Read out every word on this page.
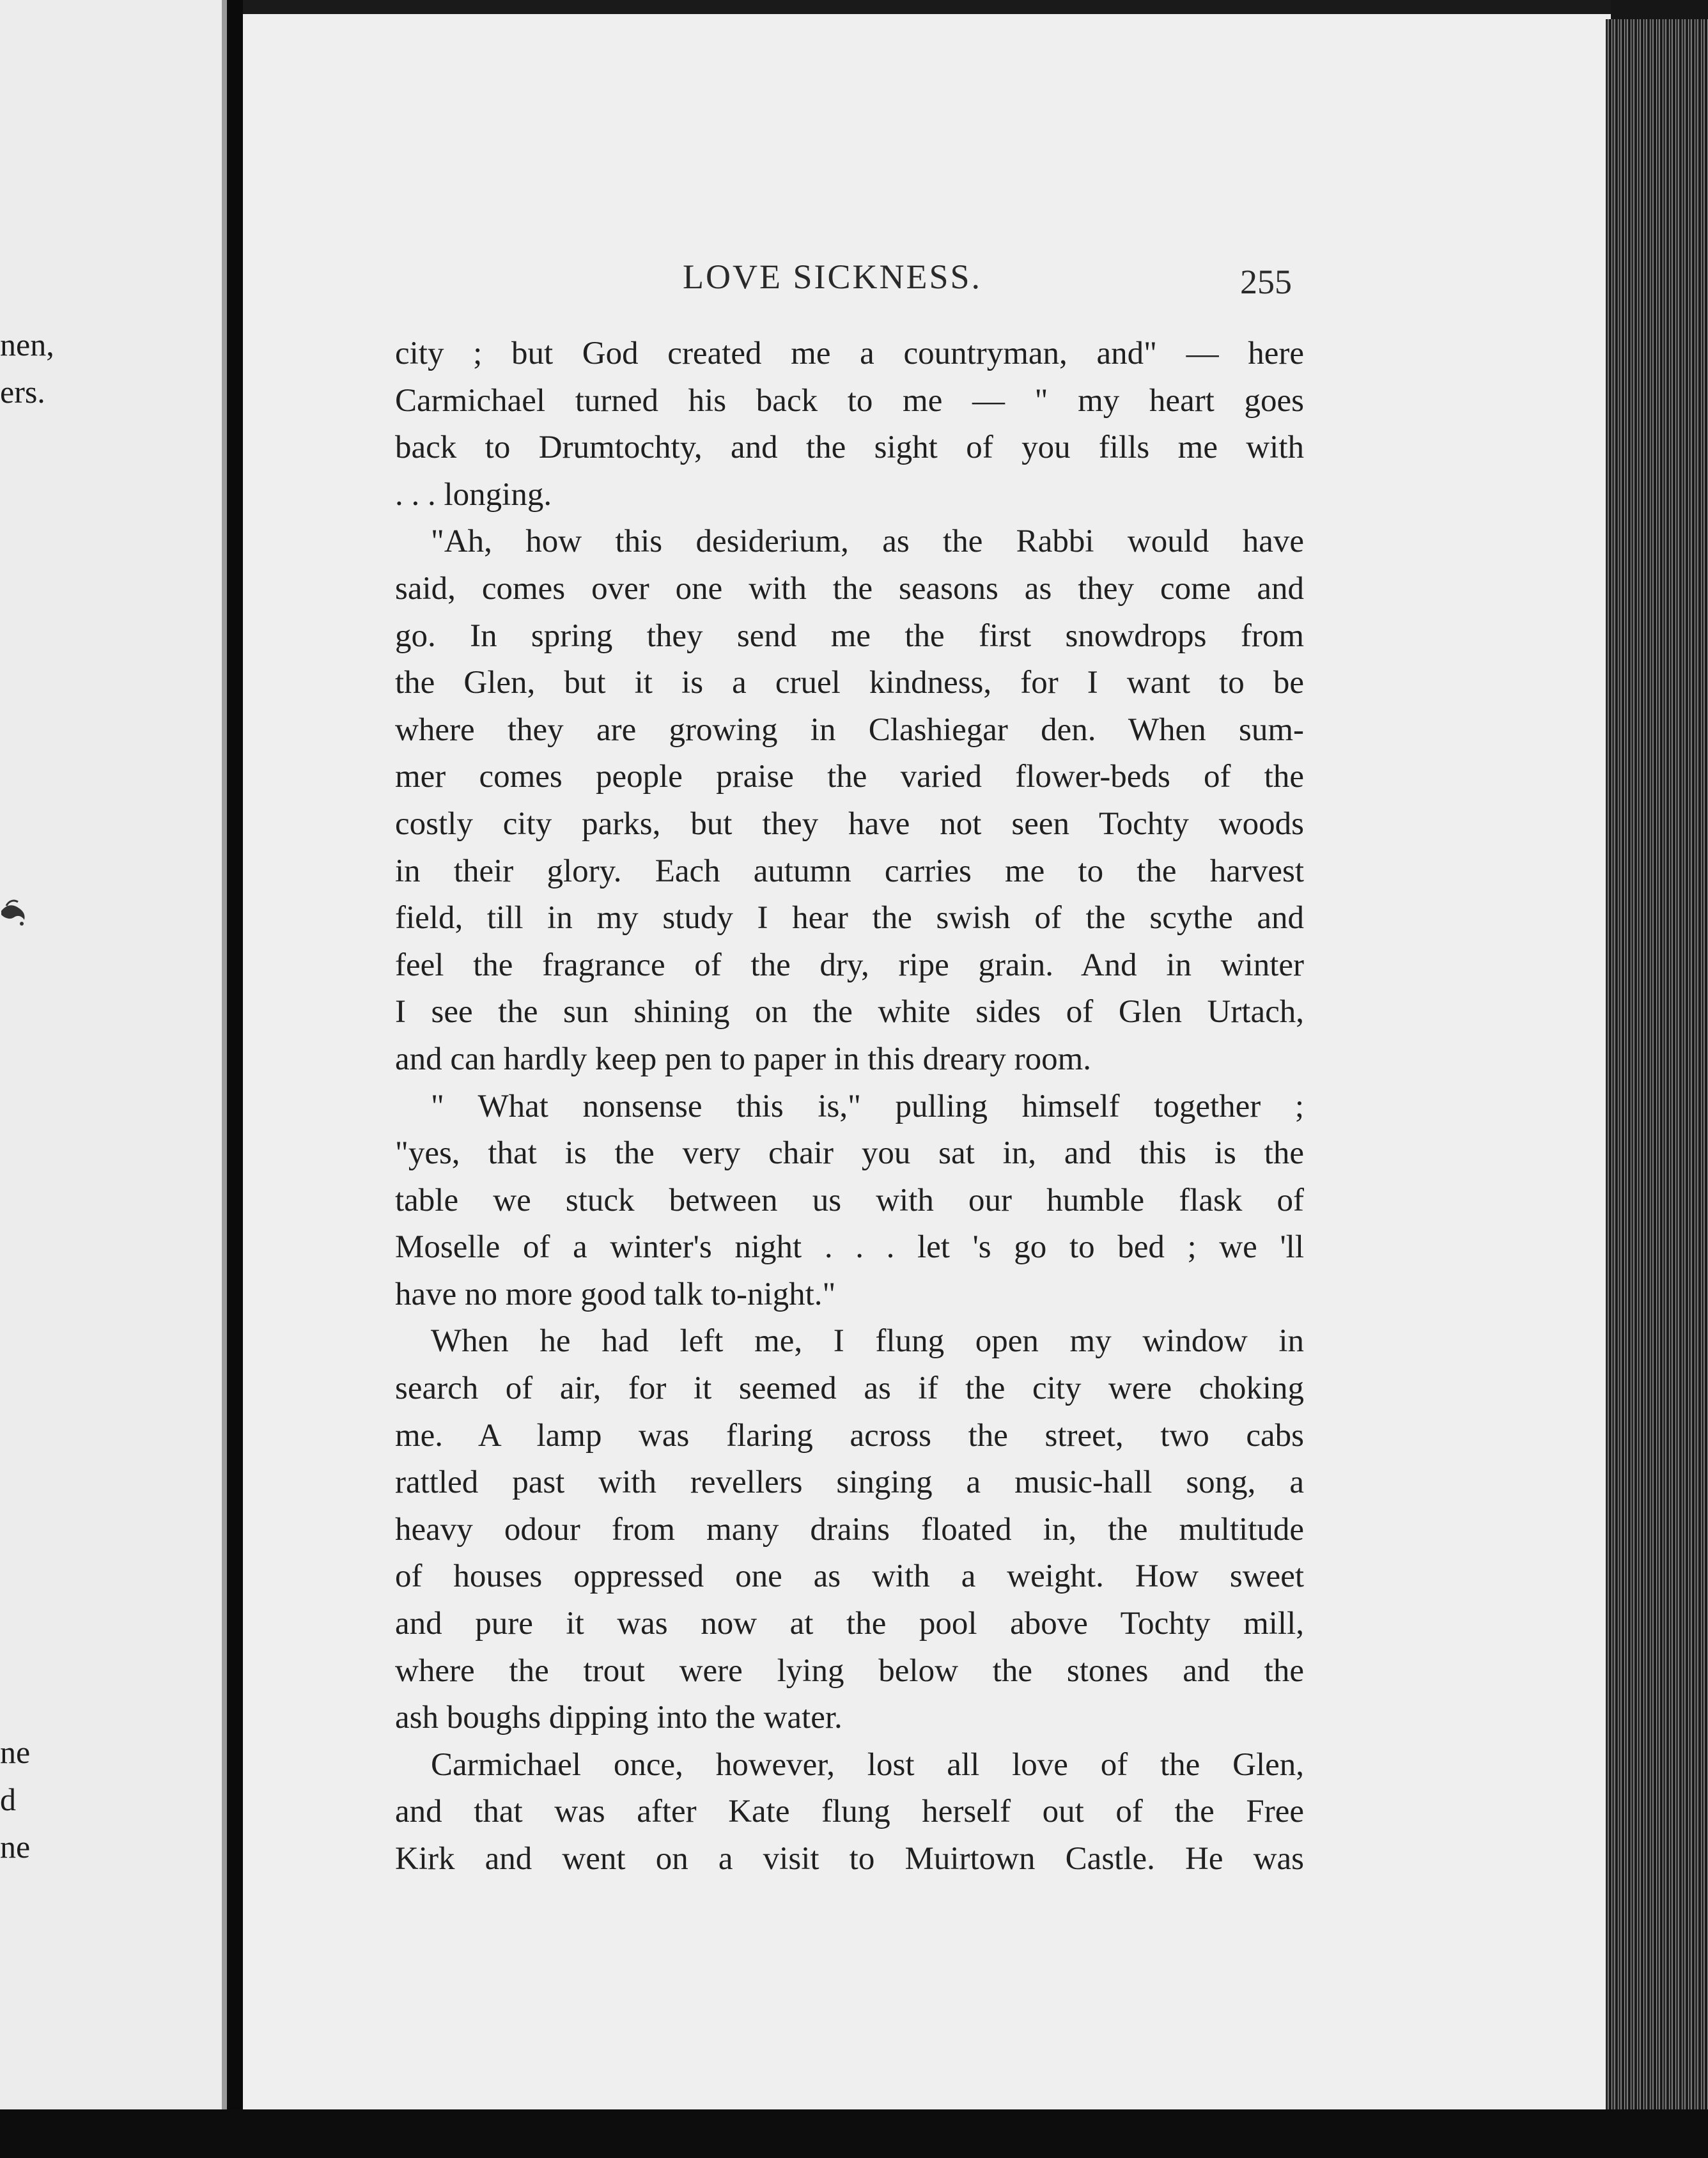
nen,
ers.
ne
d
ne
LOVE SICKNESS.	255
city ; but God created me a countryman, and" — here
Carmichael turned his back to me — " my heart goes
back to Drumtochty, and the sight of you fills me with
. . . longing.
"Ah, how this desiderium, as the Rabbi would have
said, comes over one with the seasons as they come and
go. In spring they send me the first snowdrops from
the Glen, but it is a cruel kindness, for I want to be
where they are growing in Clashiegar den. When sum-
mer comes people praise the varied flower-beds of the
costly city parks, but they have not seen Tochty woods
in their glory. Each autumn carries me to the harvest
field, till in my study I hear the swish of the scythe and
feel the fragrance of the dry, ripe grain. And in winter
I see the sun shining on the white sides of Glen Urtach,
and can hardly keep pen to paper in this dreary room.
" What nonsense this is," pulling himself together ;
"yes, that is the very chair you sat in, and this is the
table we stuck between us with our humble flask of
Moselle of a winter's night . . . let 's go to bed ; we 'll
have no more good talk to-night."
When he had left me, I flung open my window in
search of air, for it seemed as if the city were choking
me. A lamp was flaring across the street, two cabs
rattled past with revellers singing a music-hall song, a
heavy odour from many drains floated in, the multitude
of houses oppressed one as with a weight. How sweet
and pure it was now at the pool above Tochty mill,
where the trout were lying below the stones and the
ash boughs dipping into the water.
Carmichael once, however, lost all love of the Glen,
and that was after Kate flung herself out of the Free
Kirk and went on a visit to Muirtown Castle. He was
